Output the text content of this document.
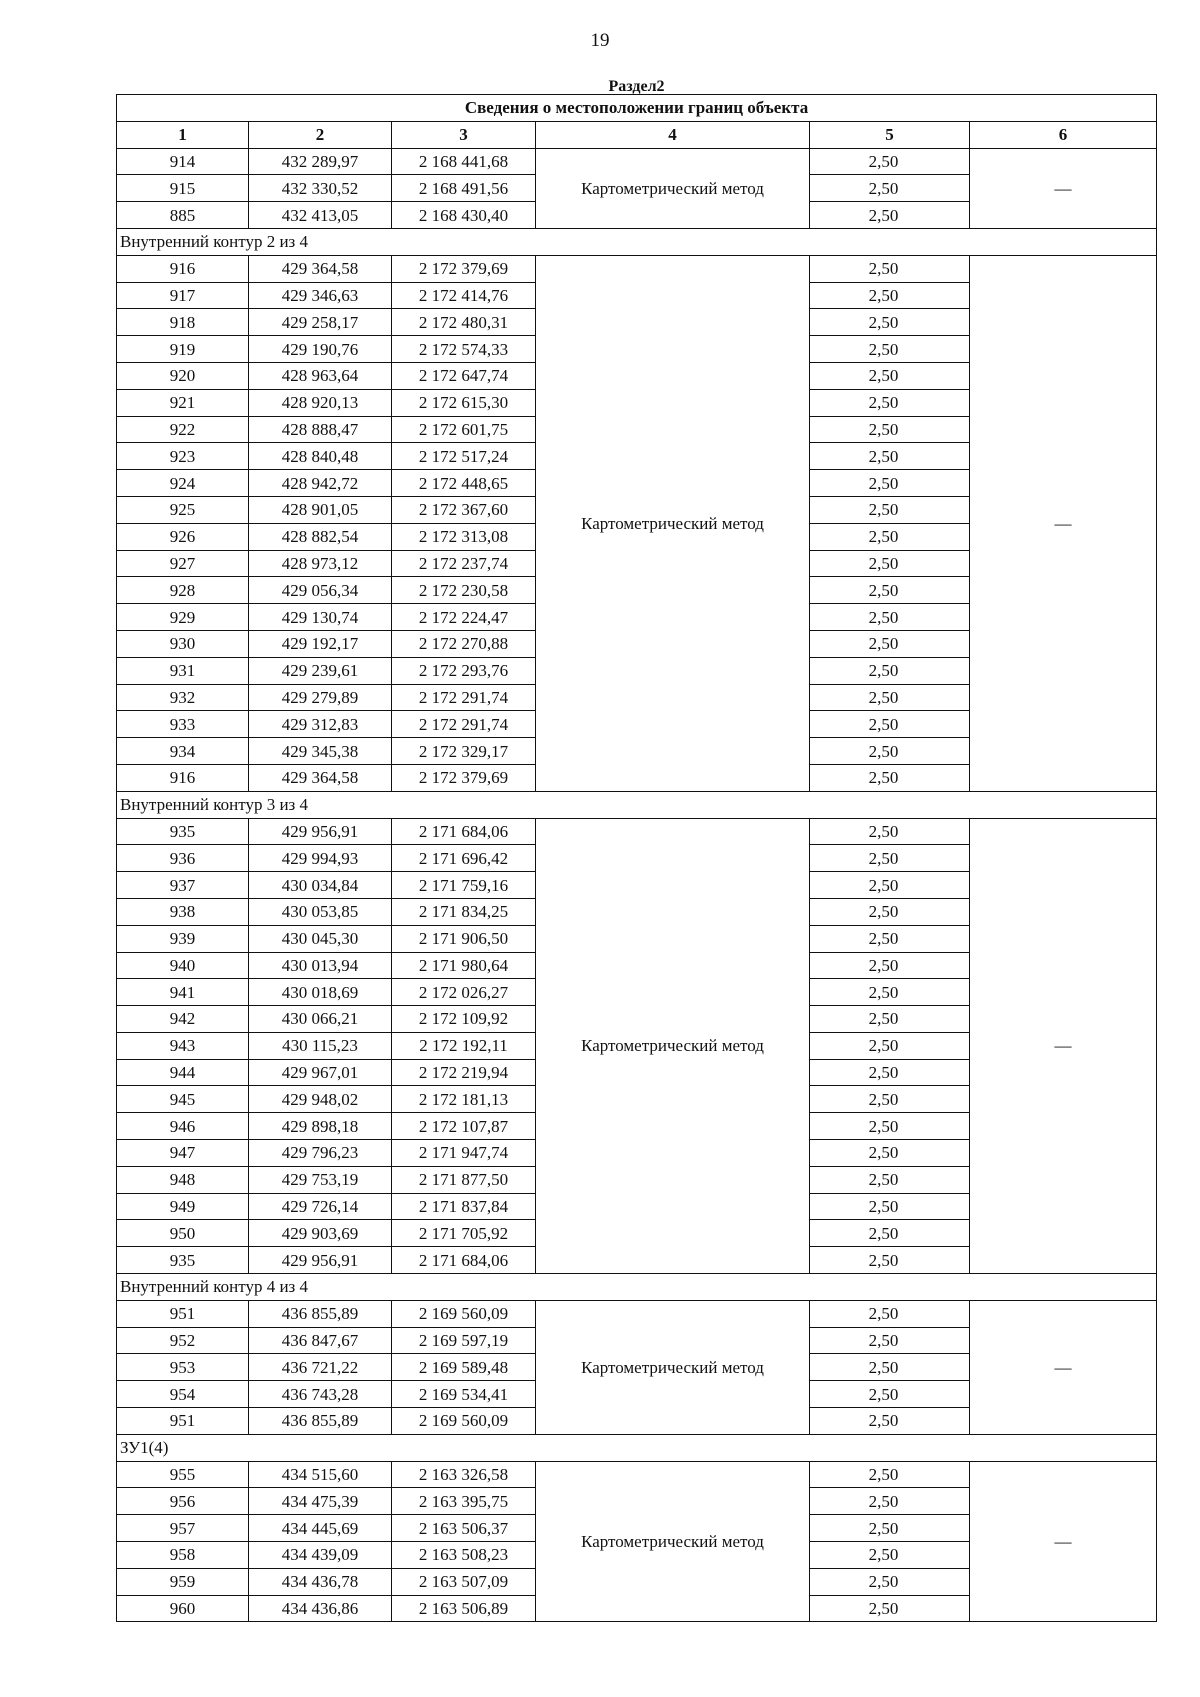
19
Раздел2					
Сведения о местоположении границ объекта					
1	2	3	4	5	6
914	432 289,97	2 168 441,68	Картометрический метод	2,50	—
915	432 330,52	2 168 491,56		2,50	
885	432 413,05	2 168 430,40		2,50	
Внутренний контур 2 из 4					
916	429 364,58	2 172 379,69	Картометрический метод	2,50	—
917	429 346,63	2 172 414,76		2,50	
918	429 258,17	2 172 480,31		2,50	
919	429 190,76	2 172 574,33		2,50	
920	428 963,64	2 172 647,74		2,50	
921	428 920,13	2 172 615,30		2,50	
922	428 888,47	2 172 601,75		2,50	
923	428 840,48	2 172 517,24		2,50	
924	428 942,72	2 172 448,65		2,50	
925	428 901,05	2 172 367,60		2,50	
926	428 882,54	2 172 313,08		2,50	
927	428 973,12	2 172 237,74		2,50	
928	429 056,34	2 172 230,58		2,50	
929	429 130,74	2 172 224,47		2,50	
930	429 192,17	2 172 270,88		2,50	
931	429 239,61	2 172 293,76		2,50	
932	429 279,89	2 172 291,74		2,50	
933	429 312,83	2 172 291,74		2,50	
934	429 345,38	2 172 329,17		2,50	
916	429 364,58	2 172 379,69		2,50	
Внутренний контур 3 из 4					
935	429 956,91	2 171 684,06	Картометрический метод	2,50	—
936	429 994,93	2 171 696,42		2,50	
937	430 034,84	2 171 759,16		2,50	
938	430 053,85	2 171 834,25		2,50	
939	430 045,30	2 171 906,50		2,50	
940	430 013,94	2 171 980,64		2,50	
941	430 018,69	2 172 026,27		2,50	
942	430 066,21	2 172 109,92		2,50	
943	430 115,23	2 172 192,11		2,50	
944	429 967,01	2 172 219,94		2,50	
945	429 948,02	2 172 181,13		2,50	
946	429 898,18	2 172 107,87		2,50	
947	429 796,23	2 171 947,74		2,50	
948	429 753,19	2 171 877,50		2,50	
949	429 726,14	2 171 837,84		2,50	
950	429 903,69	2 171 705,92		2,50	
935	429 956,91	2 171 684,06		2,50	
Внутренний контур 4 из 4					
951	436 855,89	2 169 560,09	Картометрический метод	2,50	—
952	436 847,67	2 169 597,19		2,50	
953	436 721,22	2 169 589,48		2,50	
954	436 743,28	2 169 534,41		2,50	
951	436 855,89	2 169 560,09		2,50	
ЗУ1(4)					
955	434 515,60	2 163 326,58	Картометрический метод	2,50	—
956	434 475,39	2 163 395,75		2,50	
957	434 445,69	2 163 506,37		2,50	
958	434 439,09	2 163 508,23		2,50	
959	434 436,78	2 163 507,09		2,50	
960	434 436,86	2 163 506,89		2,50	
